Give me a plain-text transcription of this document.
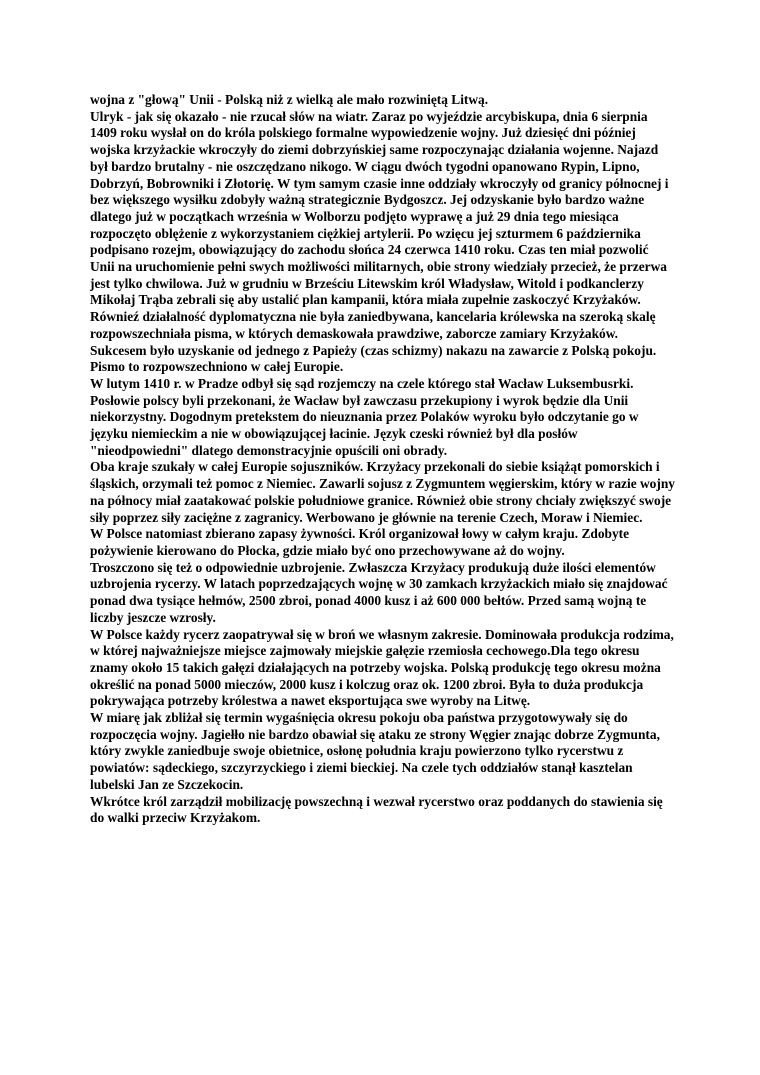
wojna z "głową" Unii - Polską niż z wielką ale mało rozwiniętą Litwą.

Ulryk - jak się okazało - nie rzucał słów na wiatr. Zaraz po wyjeździe arcybiskupa, dnia 6 sierpnia 1409 roku wysłał on do króla polskiego formalne wypowiedzenie wojny. Już dziesięć dni później wojska krzyżackie wkroczyły do ziemi dobrzyńskiej same rozpoczynając działania wojenne. Najazd był bardzo brutalny - nie oszczędzano nikogo. W ciągu dwóch tygodni opanowano Rypin, Lipno, Dobrzyń, Bobrowniki i Złotorię. W tym samym czasie inne oddziały wkroczyły od granicy północnej i bez większego wysiłku zdobyły ważną strategicznie Bydgoszcz. Jej odzyskanie było bardzo ważne dlatego już w początkach września w Wolborzu podjęto wyprawę a już 29 dnia tego miesiąca rozpoczęto oblężenie z wykorzystaniem ciężkiej artylerii. Po wzięcu jej szturmem 6 października podpisano rozejm, obowiązujący do zachodu słońca 24 czerwca 1410 roku. Czas ten miał pozwolić Unii na uruchomienie pełni swych możliwości militarnych, obie strony wiedziały przecież, że przerwa jest tylko chwilowa. Już w grudniu w Brześciu Litewskim król Władysław, Witold i podkanclerzy Mikołaj Trąba zebrali się aby ustalić plan kampanii, która miała zupełnie zaskoczyć Krzyżaków. Równieź działalność dyplomatyczna nie była zaniedbywana, kancelaria królewska na szeroką skalę rozpowszechniała pisma, w których demaskowała prawdziwe, zaborcze zamiary Krzyżaków. Sukcesem było uzyskanie od jednego z Papieży (czas schizmy) nakazu na zawarcie z Polską pokoju. Pismo to rozpowszechniono w całej Europie.

W lutym 1410 r. w Pradze odbył się sąd rozjemczy na czele którego stał Wacław Luksembusrki. Posłowie polscy byli przekonani, że Wacław był zawczasu przekupiony i wyrok będzie dla Unii niekorzystny. Dogodnym pretekstem do nieuznania przez Polaków wyroku było odczytanie go w języku niemieckim a nie w obowiązującej łacinie. Język czeski również był dla posłów "nieodpowiedni" dlatego demonstracyjnie opuścili oni obrady.

Oba kraje szukały w całej Europie sojuszników. Krzyżacy przekonali do siebie książąt pomorskich i śląskich, orzymali też pomoc z Niemiec. Zawarli sojusz z Zygmuntem węgierskim, który w razie wojny na północy miał zaatakować polskie południowe granice. Również obie strony chciały zwiększyć swoje siły poprzez siły zaciężne z zagranicy. Werbowano je głównie na terenie Czech, Moraw i Niemiec.

W Polsce natomiast zbierano zapasy żywności. Król organizował łowy w całym kraju. Zdobyte pożywienie kierowano do Płocka, gdzie miało być ono przechowywane aż do wojny.

Troszczono się też o odpowiednie uzbrojenie. Zwłaszcza Krzyżacy produkują duże ilości elementów uzbrojenia rycerzy. W latach poprzedzających wojnę w 30 zamkach krzyżackich miało się znajdować ponad dwa tysiące hełmów, 2500 zbroi, ponad 4000 kusz i aż 600 000 bełtów. Przed samą wojną te liczby jeszcze wzrosły.

W Polsce każdy rycerz zaopatrywał się w broń we własnym zakresie. Dominowała produkcja rodzima, w której najważniejsze miejsce zajmowały miejskie gałęzie rzemiosła cechowego.Dla tego okresu znamy około 15 takich gałęzi działających na potrzeby wojska. Polską produkcję tego okresu można określić na ponad 5000 mieczów, 2000 kusz i kolczug oraz ok. 1200 zbroi. Była to duża produkcja pokrywająca potrzeby królestwa a nawet eksportująca swe wyroby na Litwę.

W miarę jak zbliżał się termin wygaśnięcia okresu pokoju oba państwa przygotowywały się do rozpoczęcia wojny. Jagiełło nie bardzo obawiał się ataku ze strony Węgier znając dobrze Zygmunta, który zwykle zaniedbuje swoje obietnice, osłonę południa kraju powierzono tylko rycerstwu z powiatów: sądeckiego, szczyrzyckiego i ziemi bieckiej. Na czele tych oddziałów stanął kasztelan lubelski Jan ze Szczekocin.

Wkrótce król zarządził mobilizację powszechną i wezwał rycerstwo oraz poddanych do stawienia się do walki przeciw Krzyżakom.
